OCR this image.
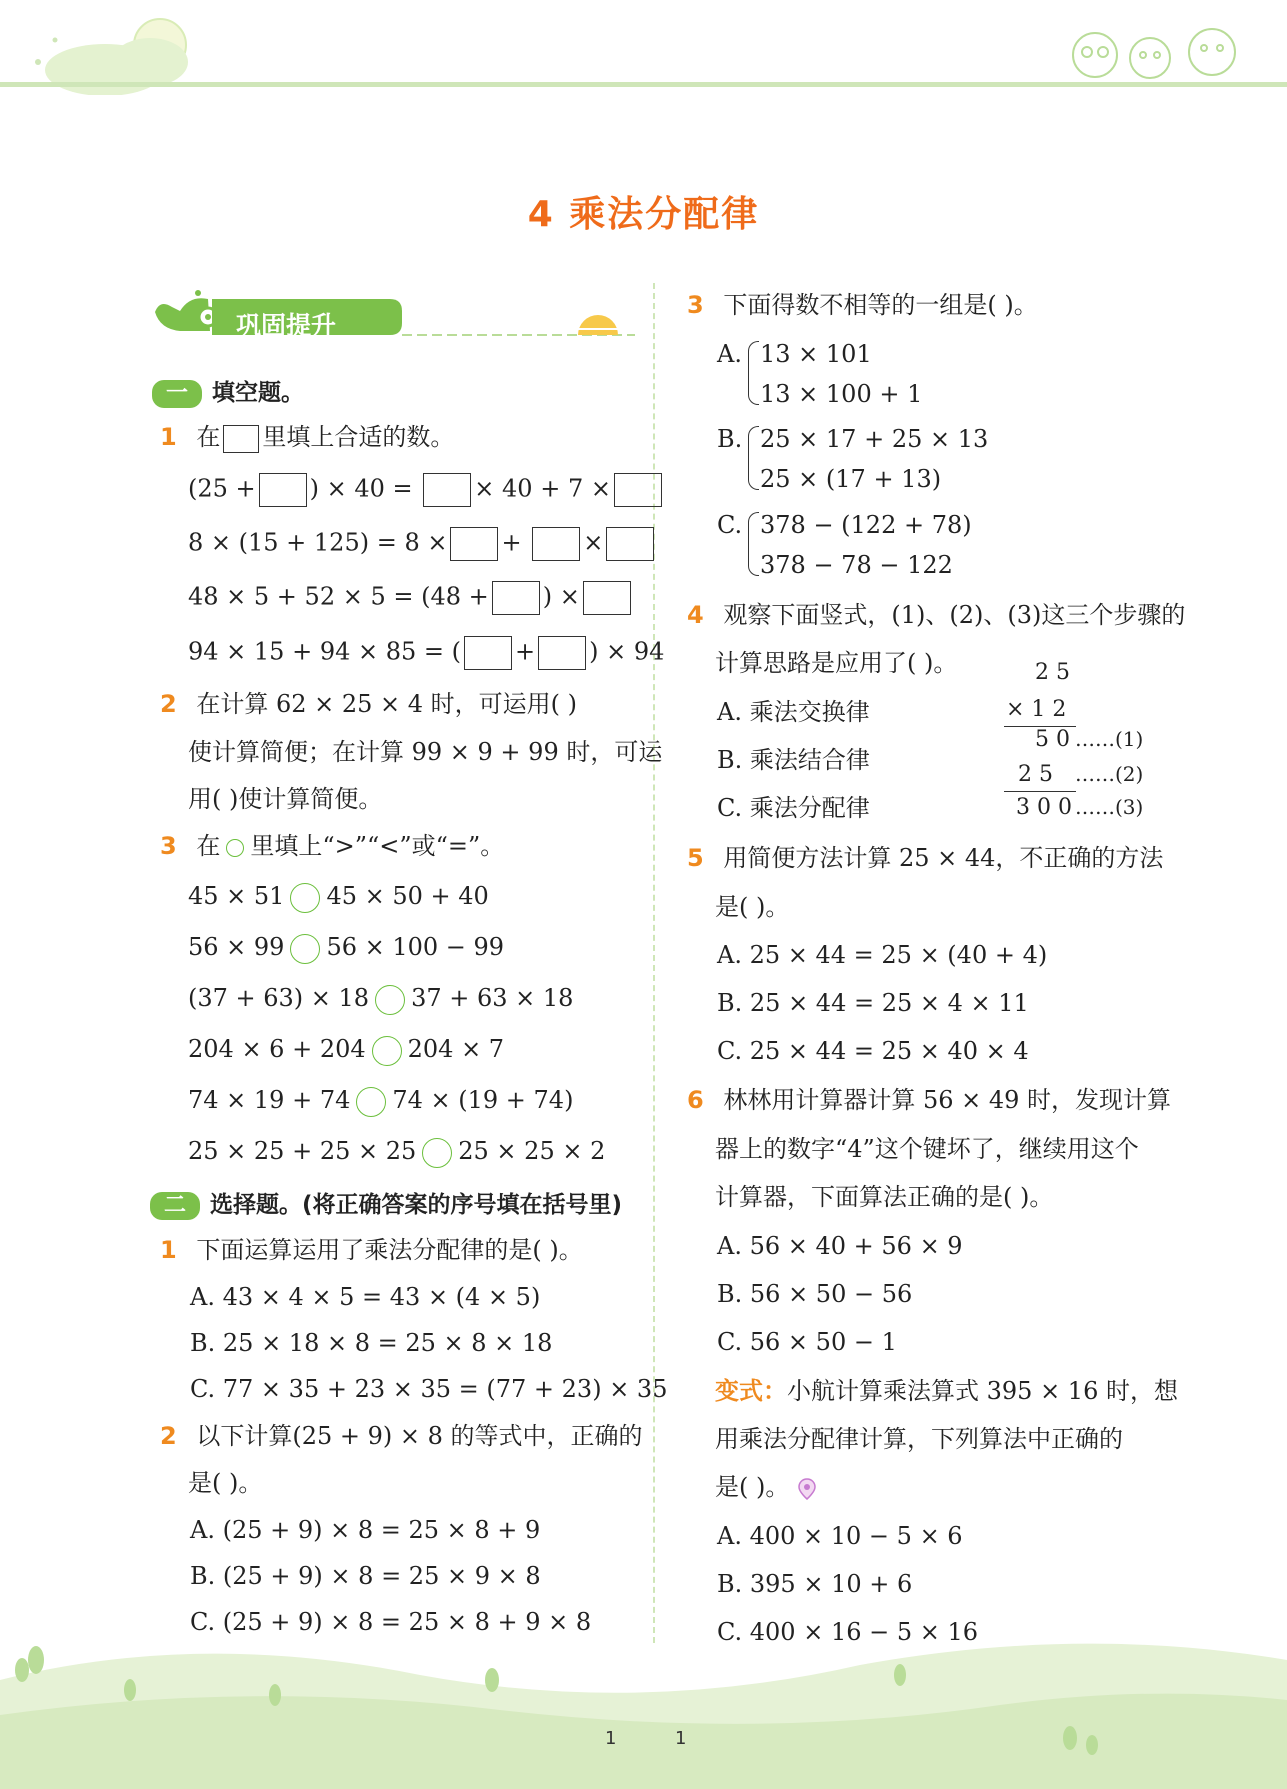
4 乘法分配律
巩固提升
一 填空题。
1 在 里填上合适的数。
(25 + ) × 40 =	× 40 + 7 ×
8 × (15 + 125) = 8 × +	×
48 × 5 + 52 × 5 = (48 + ) ×
94 × 15 + 94 × 85 = ( + ) × 94
2 在计算 62 × 25 × 4 时，可运用( )
使计算简便；在计算 99 × 9 + 99 时，可运
用( )使计算简便。
3 在 里填上“>”“<”或“=”。
45 × 51 45 × 50 + 40
56 × 99 56 × 100 − 99
(37 + 63) × 18 37 + 63 × 18
204 × 6 + 204 204 × 7
74 × 19 + 74 74 × (19 + 74)
25 × 25 + 25 × 25 25 × 25 × 2
二 选择题。(将正确答案的序号填在括号里)
1 下面运算运用了乘法分配律的是( )。
A. 43 × 4 × 5 = 43 × (4 × 5)
B. 25 × 18 × 8 = 25 × 8 × 18
C. 77 × 35 + 23 × 35 = (77 + 23) × 35
2 以下计算(25 + 9) × 8 的等式中，正确的
是( )。
A. (25 + 9) × 8 = 25 × 8 + 9
B. (25 + 9) × 8 = 25 × 9 × 8
C. (25 + 9) × 8 = 25 × 8 + 9 × 8
3 下面得数不相等的一组是( )。
A. 13 × 101
13 × 100 + 1
B. 25 × 17 + 25 × 13
25 × (17 + 13)
C. 378 − (122 + 78)
378 − 78 − 122
4 观察下面竖式，(1)、(2)、(3)这三个步骤的
计算思路是应用了( )。
A. 乘法交换律
B. 乘法结合律
C. 乘法分配律
2 5
× 1 2
5 0 ……(1)
2 5 ……(2)
3 0 0 ……(3)
5 用简便方法计算 25 × 44，不正确的方法
是( )。
A. 25 × 44 = 25 × (40 + 4)
B. 25 × 44 = 25 × 4 × 11
C. 25 × 44 = 25 × 40 × 4
6 林林用计算器计算 56 × 49 时，发现计算
器上的数字“4”这个键坏了，继续用这个
计算器，下面算法正确的是( )。
A. 56 × 40 + 56 × 9
B. 56 × 50 − 56
C. 56 × 50 − 1
变式：小航计算乘法算式 395 × 16 时，想
用乘法分配律计算，下列算法中正确的
是( )。
A. 400 × 10 − 5 × 6
B. 395 × 10 + 6
C. 400 × 16 − 5 × 16
1	1
